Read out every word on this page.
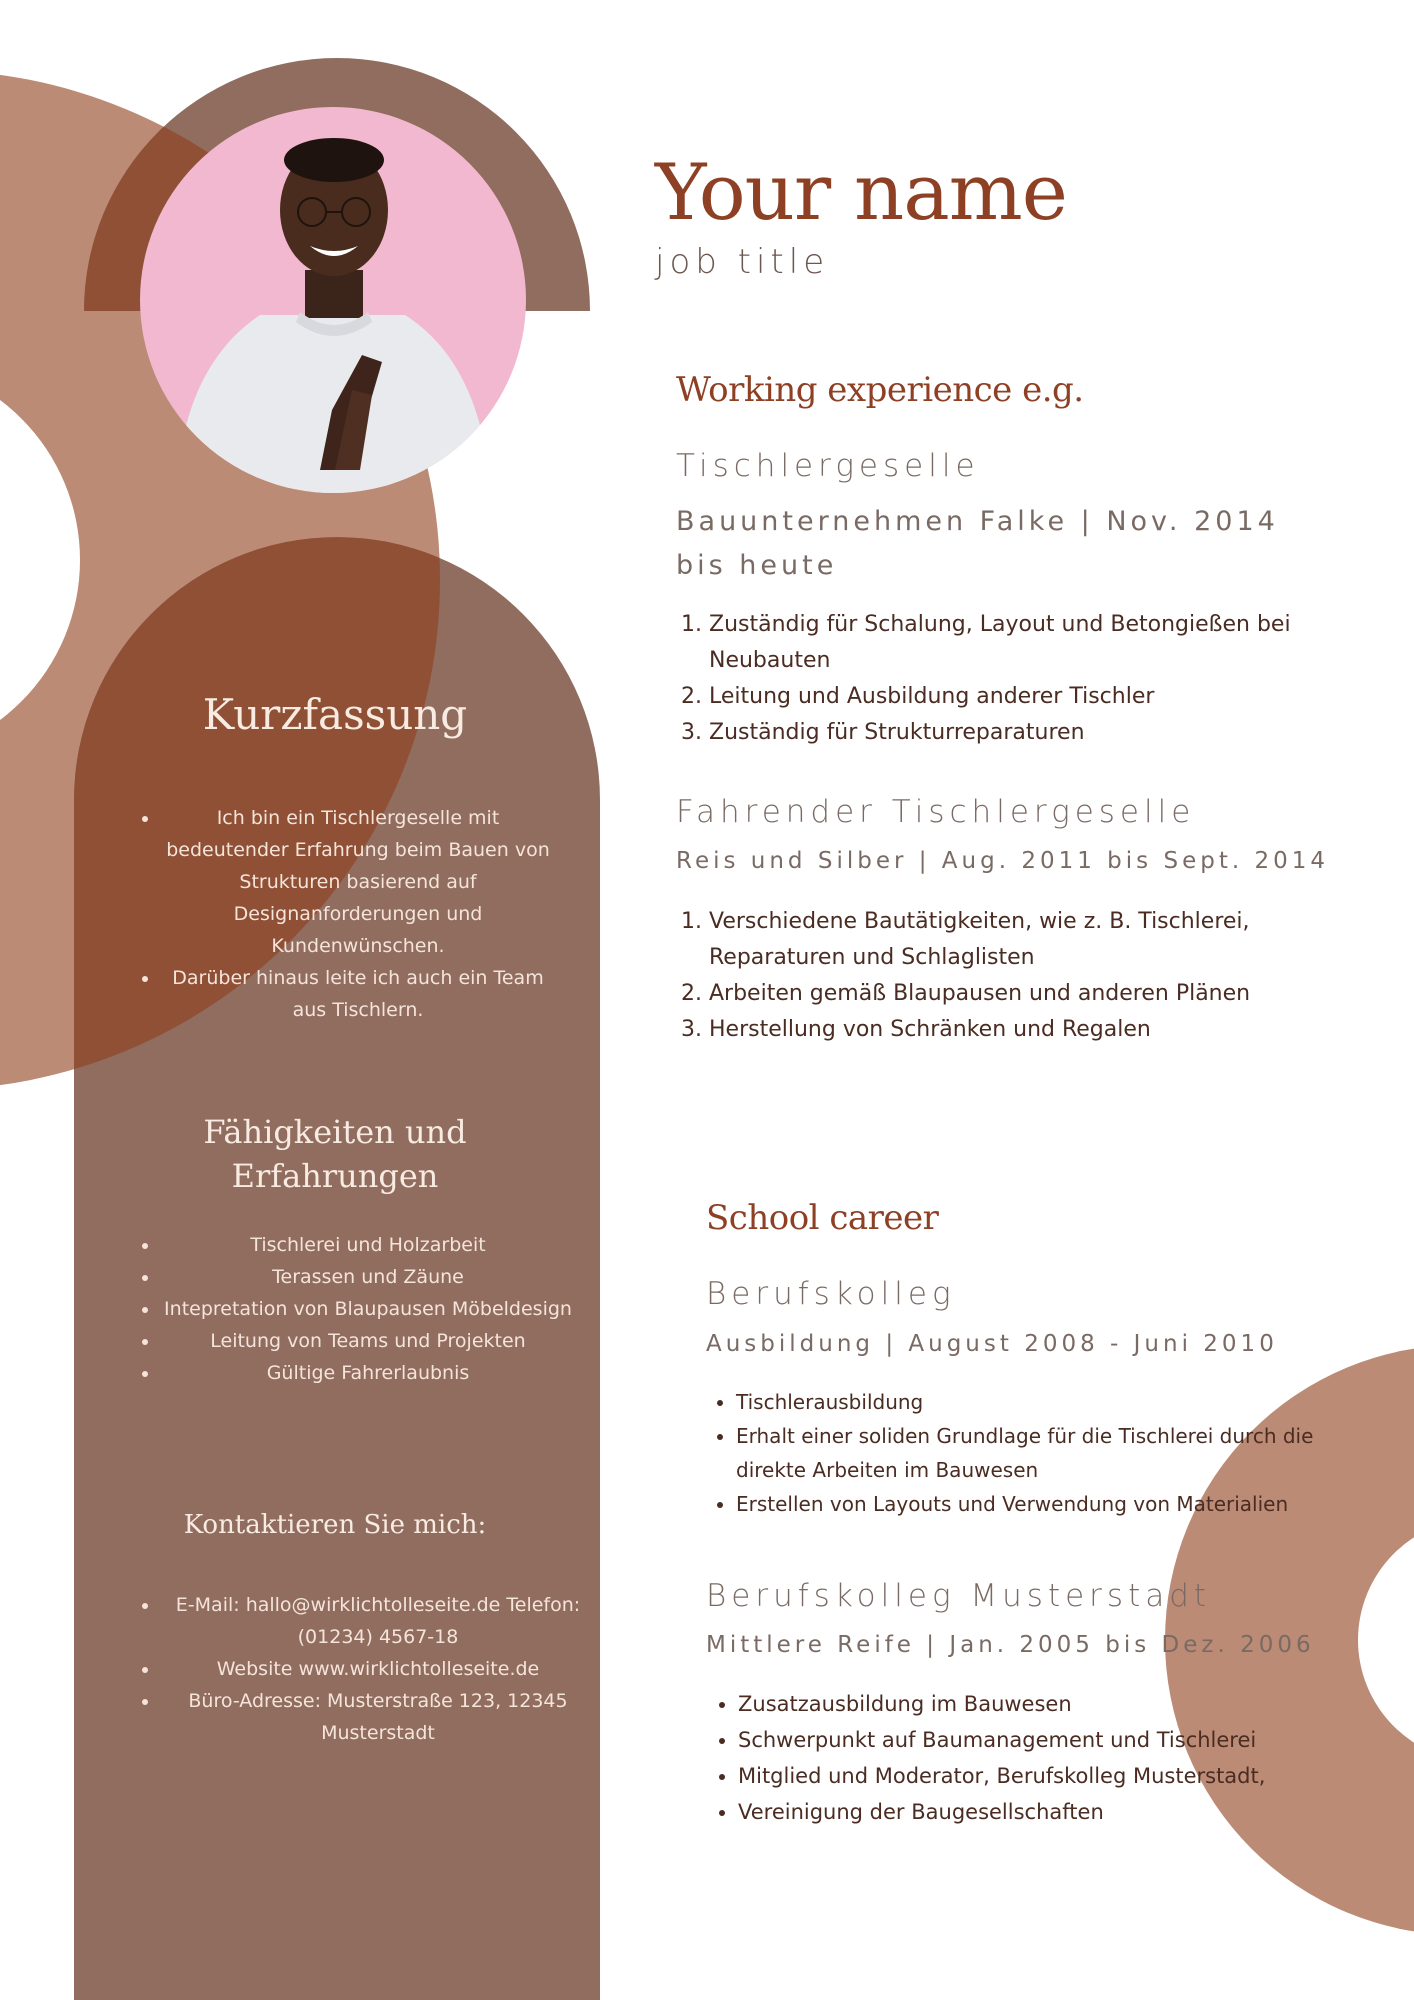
Kurzfassung
• Ich bin ein Tischlergeselle mit bedeutender Erfahrung beim Bauen von Strukturen basierend auf Designanforderungen und Kundenwünschen.
• Darüber hinaus leite ich auch ein Team aus Tischlern.
Fähigkeiten und
Erfahrungen
• Tischlerei und Holzarbeit
• Terassen und Zäune
• Intepretation von Blaupausen Möbeldesign
• Leitung von Teams und Projekten
• Gültige Fahrerlaubnis
Kontaktieren Sie mich:
• E-Mail: hallo@wirklichtolleseite.de Telefon: (01234) 4567-18
• Website www.wirklichtolleseite.de
• Büro-Adresse: Musterstraße 123, 12345 Musterstadt
Your name
job title
Working experience e.g.
Tischlergeselle
Bauunternehmen Falke | Nov. 2014
bis heute
1. Zuständig für Schalung, Layout und Betongießen bei Neubauten
2. Leitung und Ausbildung anderer Tischler
3. Zuständig für Strukturreparaturen
Fahrender Tischlergeselle
Reis und Silber | Aug. 2011 bis Sept. 2014
1. Verschiedene Bautätigkeiten, wie z. B. Tischlerei, Reparaturen und Schlaglisten
2. Arbeiten gemäß Blaupausen und anderen Plänen
3. Herstellung von Schränken und Regalen
School career
Berufskolleg
Ausbildung | August 2008 - Juni 2010
• Tischlerausbildung
• Erhalt einer soliden Grundlage für die Tischlerei durch die direkte Arbeiten im Bauwesen
• Erstellen von Layouts und Verwendung von Materialien
Berufskolleg Musterstadt
Mittlere Reife | Jan. 2005 bis Dez. 2006
• Zusatzausbildung im Bauwesen
• Schwerpunkt auf Baumanagement und Tischlerei
• Mitglied und Moderator, Berufskolleg Musterstadt,
• Vereinigung der Baugesellschaften
